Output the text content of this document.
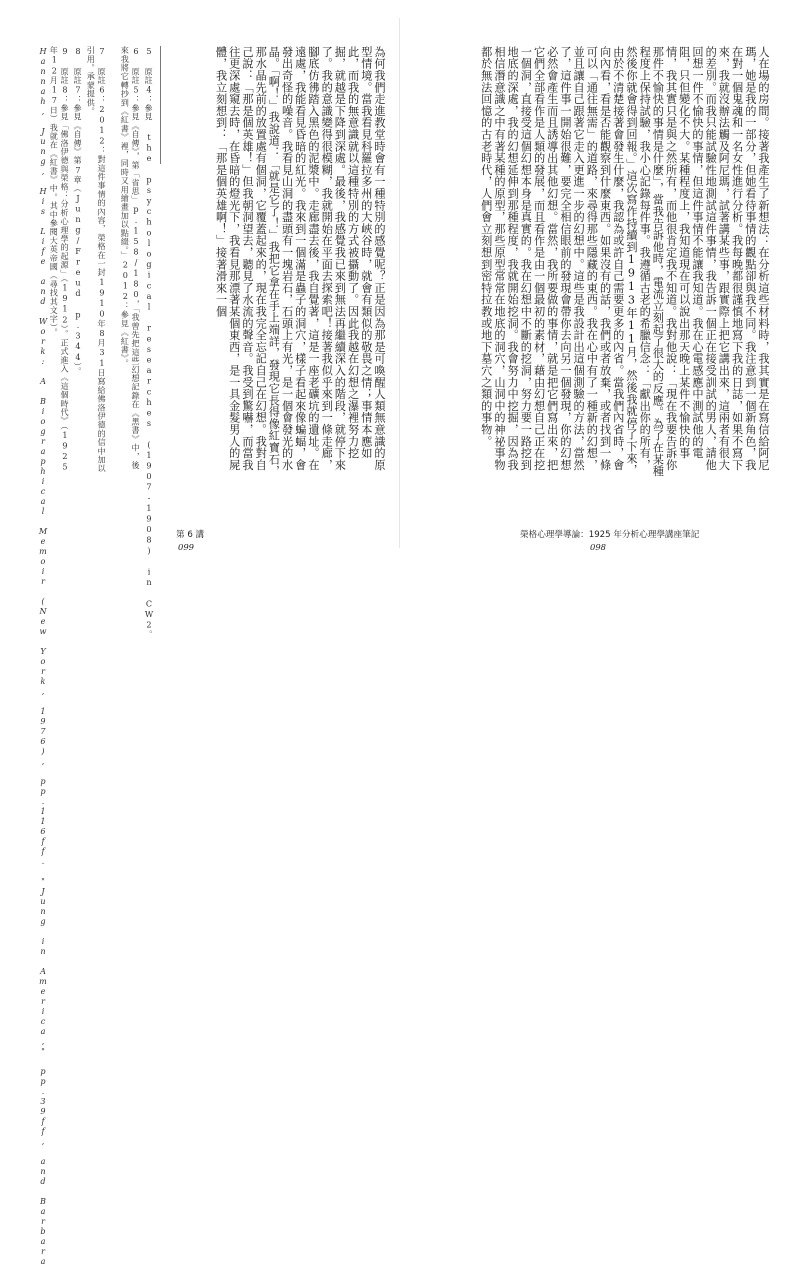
人在場的房間。接著我產生了新想法：在分析這些材料時，我其實是在寫信給阿尼瑪，她是我的一部分，但她看待事情的觀點卻與我不同。我注意到一個新角色，我在對一個鬼魂和一名女性進行分析。我每晚都很謹慎地寫下我的日誌，如果不寫下來，我就沒辦法觸及阿尼瑪，試著講某些事，跟實際上把它講出來，這兩者有很大的差別。而我只能試驗性地測試這件事情，我告訴一個正在接受訓試的男人，請他回想一件不愉快的事情，但這件事情不能讓我知道。我在心電感應中測試他的電阻，只但變化不大。某種程度上，我知道現在可以說出那天晚上某件不愉快的事情，我其實只是與之然所有，而他很肯定我不知道。我對他說：「現在我要告訴你那件不愉快的事情是什麼」，當我告訴他時，電流立刻起了很大的反應。為了在某種程度上保持試驗，我小心記錄每件事。我遵循古老的希臘信念：「獻出你的所有，然後你就會得到回報。」這次寫作持續到1913年11月，然後我就停了下來，由於不清楚接著會發生什麼，我認為或許自己需要更多的內省。當我們內省時，會向內看，看是否能觀察到什麼東西。如果沒有的話，我們或者放棄，或者找到一條可以「通往無需」的道路，來尋得那些隱藏的東西。我在心中有了一種新的幻想，並且讓自己跟著它走入更進一步的幻想中。這些是我設計出這個測驗的方法，當然了，這件事一開始很難，要完全相信眼前的發現會帶你去向另一個發現，你的幻想必然會產生而且誘導出其他幻想。當然，我所要做的事情，就是把它們寫出來，把它們全部看作是人類的發展，而且看作是由一個最初的素材，藉由幻想自己正在挖一個洞，直接受這個幻想本身是真實的。我在幻想中不斷的挖洞，努力要一路挖到地底的深處，我的幻想延伸到那種程度，我就開始挖洞。我會努力中挖掘，因為我相信潛意識之中有著某種的原型，那些原型常常在地底的洞穴，山洞中的神祕事物都於無法回憶的古老時代，人們會立刻想到密特拉教或地下墓穴之類的事物。
為何我們走進教堂時會有一種特別的感覺呢？正是因為那是可喚醒人類無意識的原型情境。當我看見科羅拉多州的大峽谷時，就會有類似的敬畏之情；事情本應如此，而我的無意識就以這種特別的方式被攝動了。因此我越在幻想之瀑裡努力挖掘，就越是下降到深處。最後，我感覺我已來到無法再繼續深入的階段，就停下來了。我的意識變得很模糊，我就開始在平面去探索吧！接著我似乎來到一條走廊，腳底仿彿踏入黑色的泥漿中。走廊盡去後，我自覺著，這是一座老礦坑的遺址。在遠處，我能看見昏暗的紅光。我來到一個滿是蟲子的洞穴，樣子看起來像蝙蝠，會發出奇怪的噪音。我看見山洞的盡頭有一塊岩石，石頭上有光，是一個會發光的水晶。「啊！」我說道：「就是它了！」我把它拿在手上端詳，發現它長得像紅寶石，那水晶先前的放置處有個洞，它覆蓋起來的，現在我完全忘記自己在幻想。我對自己說：「那是個英雄！」但我朝洞望去，聽見了水流的聲音。我受到驚嚇，而當我往更深處窺去時，在昏暗的燈光下，我看見那漂著某個東西，是一具金髮男人的屍體，我立刻想到：「那是個英雄啊！」接著滑來一個
5 原註4：參見 the psychological researches (1907-1908) in CW2。
6 原註5：參見《自傳》，第「省思」p.158/180，「我曾先把這些幻想記錄在《黑書》中，後來我將它轉抄到《紅書》裡，同時又用繪畫加以點綴。」2012：參見《紅書》。
7 原註6：2012：對這件事情的內容，榮格在一封1910年8月31日寫給佛洛伊德的信中加以引用。承蒙提供。
8 原註7：參見《自傳》第7章（Jung/Freud p.344）。
9 原註8：參見「佛洛伊德與榮格：分析心理學的起源」（1912）。正式進入《這個時代》（1925年12月17日）我就在《紅書》中。其中參閱大英帝國（尋找其文字）。
Hannah, Jung, His Life and Work: A Biographical Memoir (New York, 1976), pp.116ff. "Jung in America," pp.39ff, and Barbara	第 6 講
099
榮格心理學導論：1925 年分析心理學講座筆記
098
